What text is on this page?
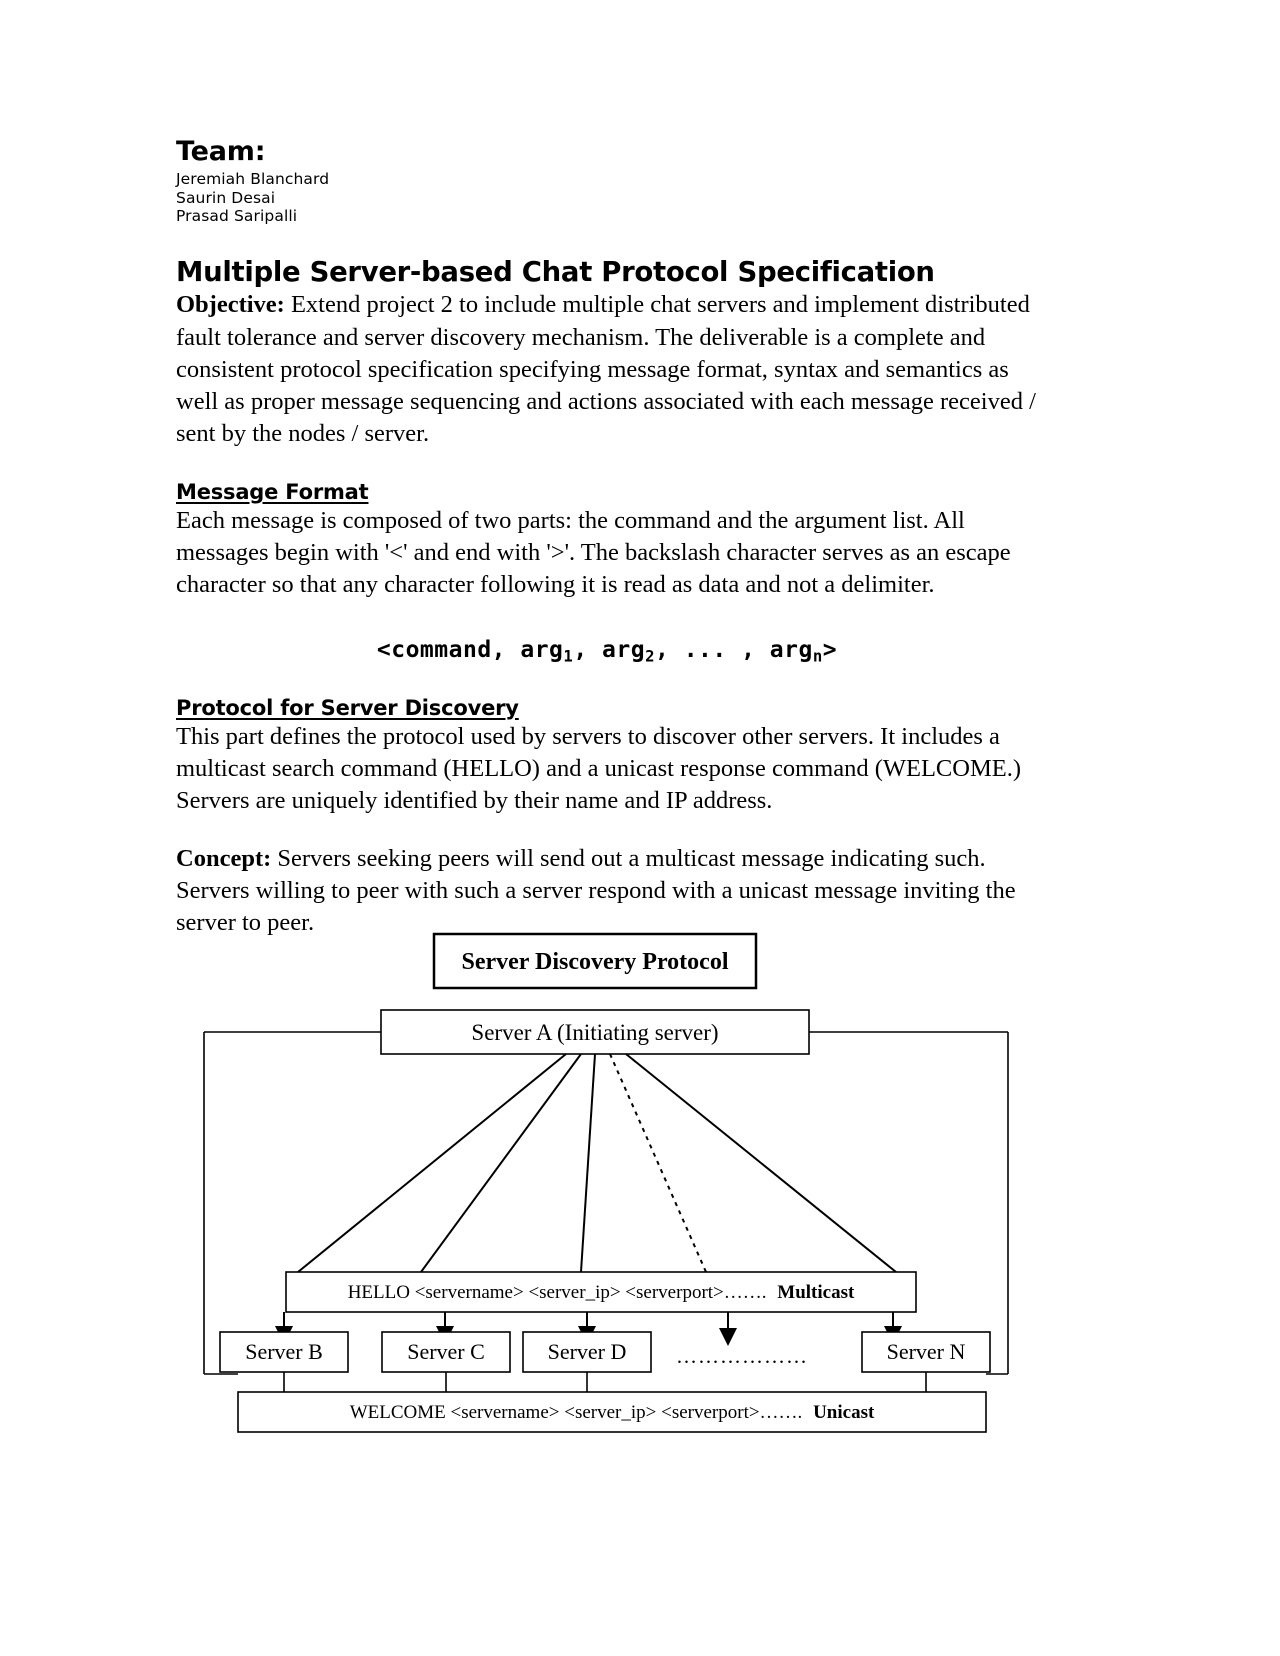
Team:

Jeremiah Blanchard

Saurin Desai

Prasad Saripalli

Multiple Server-based Chat Protocol Specification

Objective: Extend project 2 to include multiple chat servers and implement distributed fault tolerance and server discovery mechanism. The deliverable is a complete and consistent protocol specification specifying message format, syntax and semantics as well as proper message sequencing and actions associated with each message received / sent by the nodes / server.

Message Format

Each message is composed of two parts: the command and the argument list. All messages begin with '<' and end with '>'. The backslash character serves as an escape character so that any character following it is read as data and not a delimiter.

<command, arg$_1$, arg$_2$, ... , arg$_n$>
Protocol for Server Discovery

This part defines the protocol used by servers to discover other servers. It includes a multicast search command (HELLO) and a unicast response command (WELCOME.) Servers are uniquely identified by their name and IP address.

Concept: Servers seeking peers will send out a multicast message indicating such. Servers willing to peer with such a server respond with a unicast message inviting the server to peer.

Server Discovery Protocol
Server A (Initiating server)
HELLO <servername> <server_ip> <serverport>……. Multicast
Server B	Server C	Server D ………………	Server N
WELCOME <servername> <server_ip> <serverport>……. Unicast
